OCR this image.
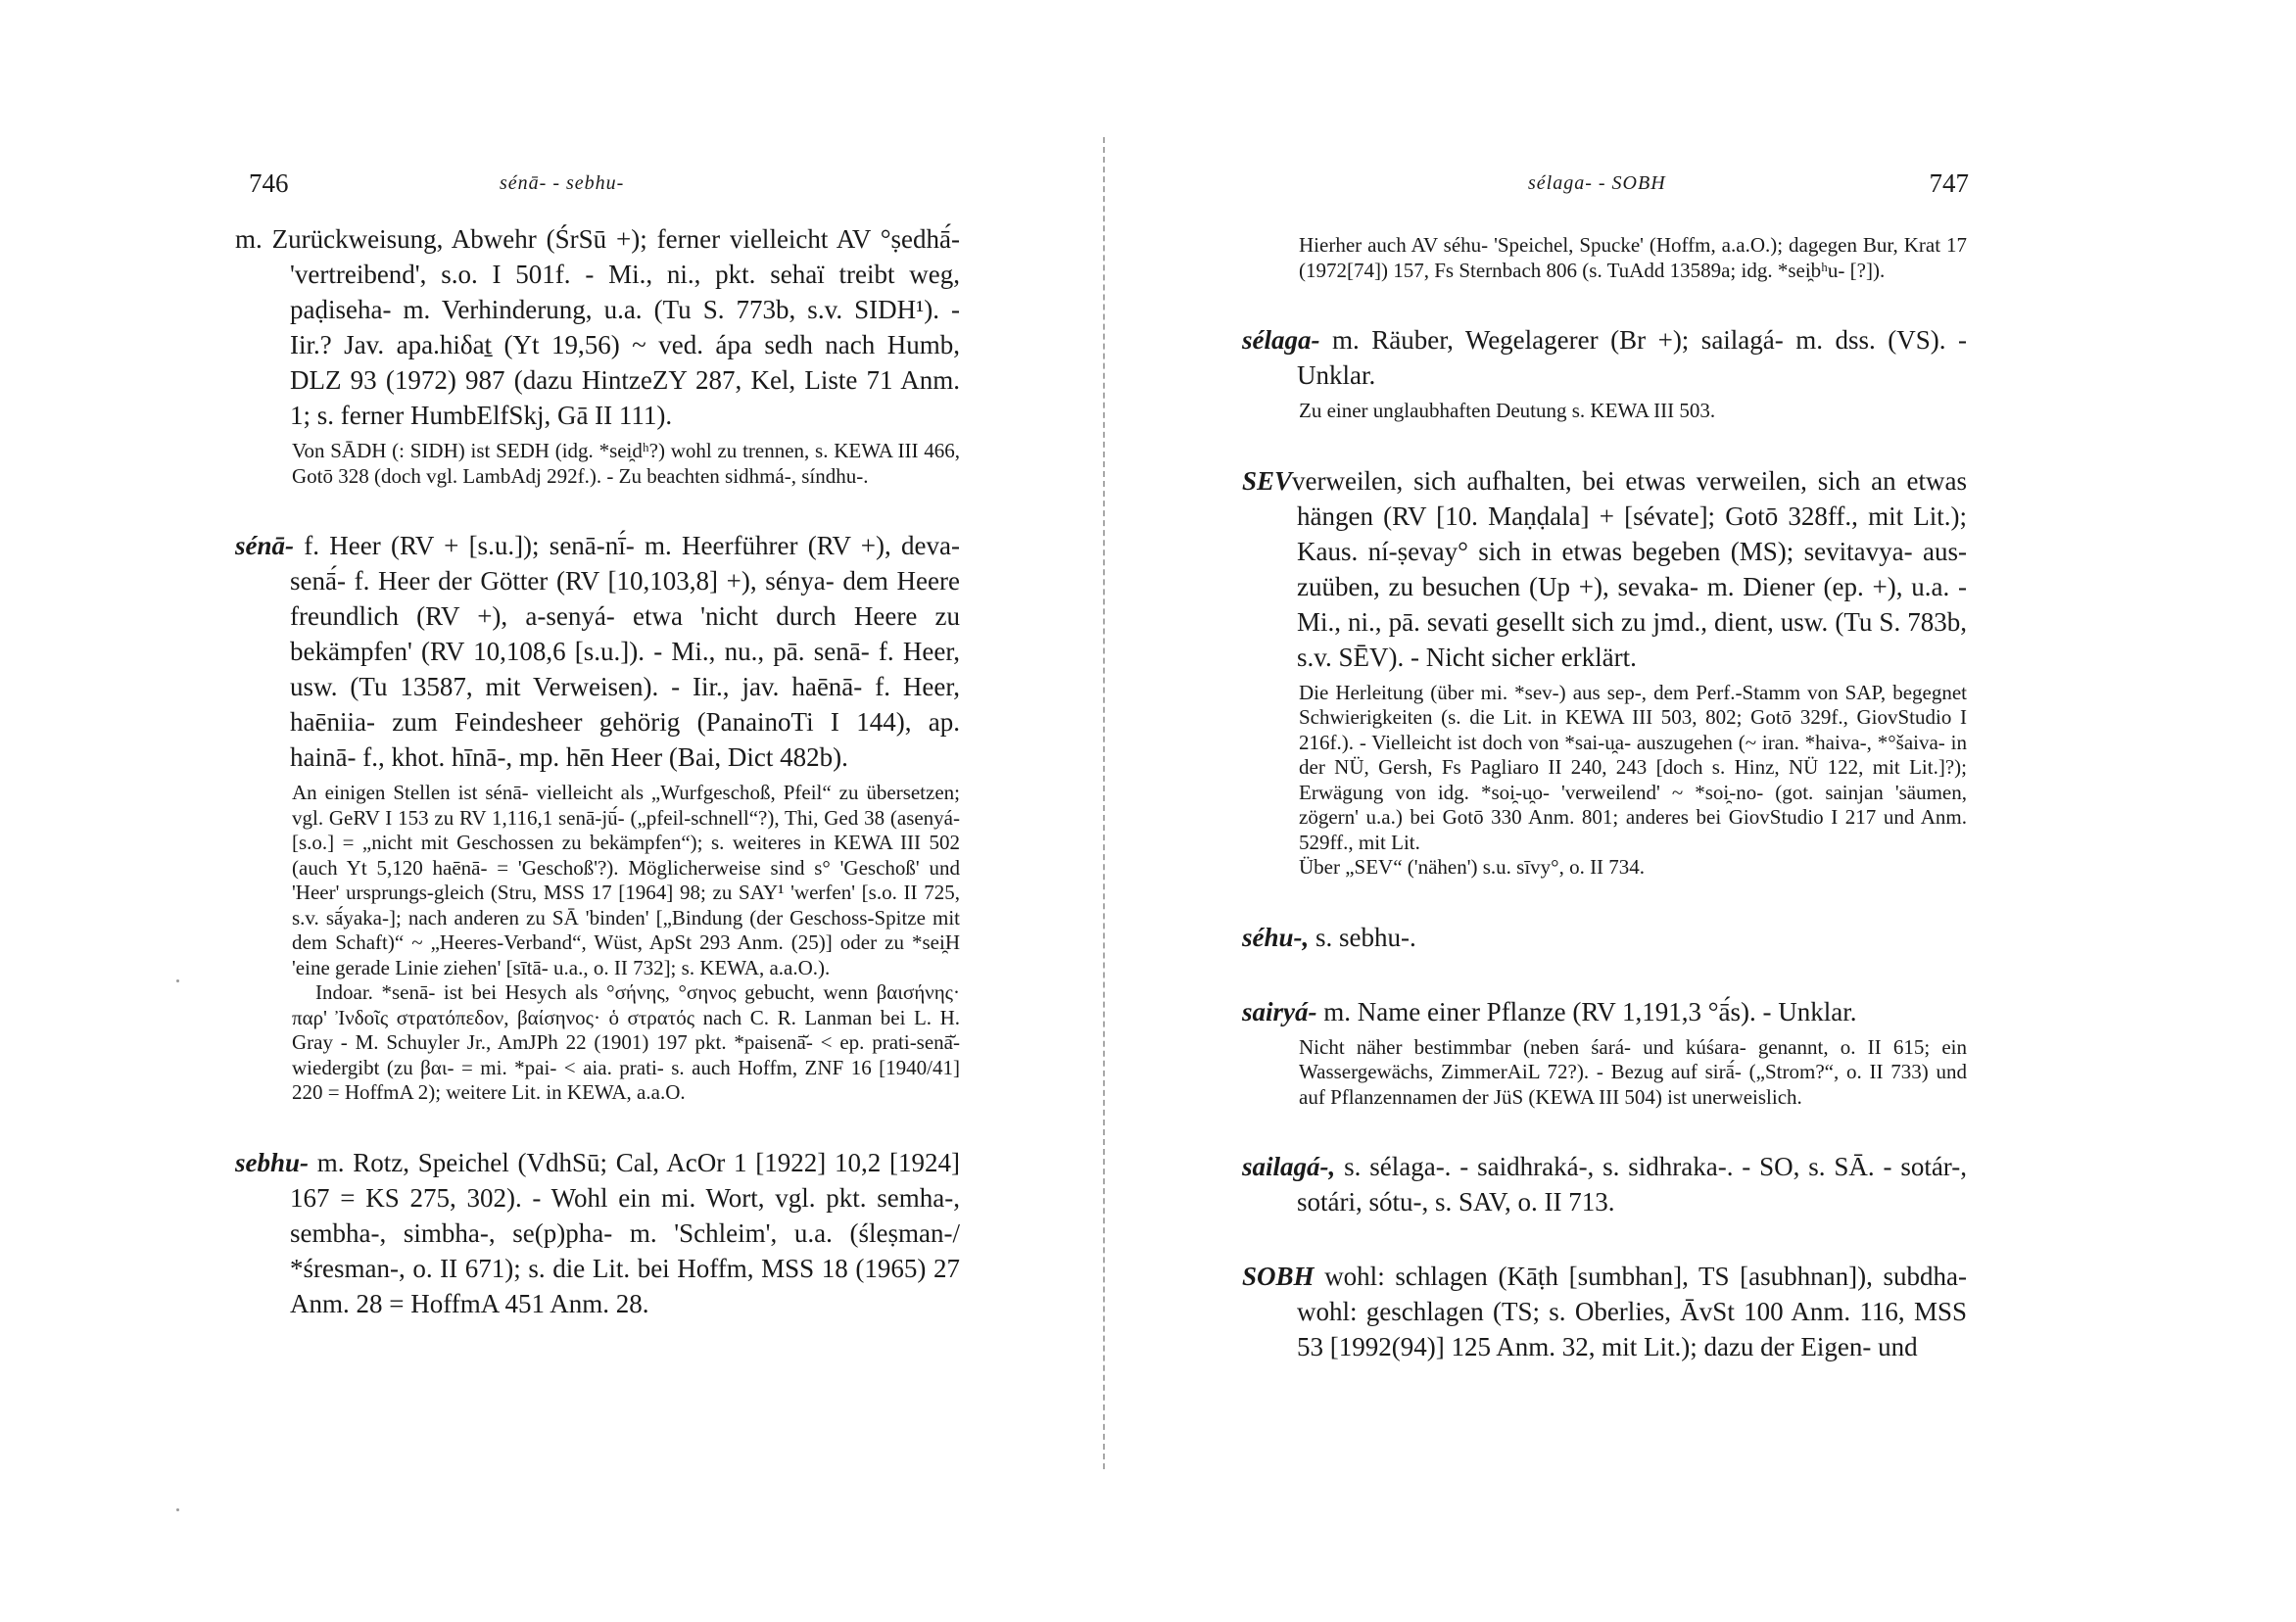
746	sénā- - sebhu-

m. Zurückweisung, Abwehr (ŚrSū +); ferner vielleicht AV °ṣedhā́- 'vertreibend', s.o. I 501f. - Mi., ni., pkt. sehaï treibt weg, paḍiseha- m. Verhinderung, u.a. (Tu S. 773b, s.v. SIDH¹). - Iir.? Jav. apa.hiδaṯ (Yt 19,56) ~ ved. ápa sedh nach Humb, DLZ 93 (1972) 987 (dazu HintzeZY 287, Kel, Liste 71 Anm. 1; s. ferner HumbElfSkj, Gā II 111).

Von SĀDH (: SIDH) ist SEDH (idg. *sei̯dʰ?) wohl zu trennen, s. KEWA III 466, Gotō 328 (doch vgl. LambAdj 292f.). - Zu beachten sidhmá-, síndhu-.

sénā- f. Heer (RV + [s.u.]); senā-nī́- m. Heerführer (RV +), deva-senā́- f. Heer der Götter (RV [10,103,8] +), sénya- dem Heere freundlich (RV +), a-senyá- etwa 'nicht durch Heere zu bekämpfen' (RV 10,108,6 [s.u.]). - Mi., nu., pā. senā- f. Heer, usw. (Tu 13587, mit Verweisen). - Iir., jav. haēnā- f. Heer, haēniia- zum Feindesheer gehörig (PanainoTi I 144), ap. hainā- f., khot. hīnā-, mp. hēn Heer (Bai, Dict 482b).

An einigen Stellen ist sénā- vielleicht als „Wurfgeschoß, Pfeil“ zu übersetzen; vgl. GeRV I 153 zu RV 1,116,1 senā-jū́- („pfeil-schnell“?), Thi, Ged 38 (asenyá- [s.o.] = „nicht mit Geschossen zu bekämpfen“); s. weiteres in KEWA III 502 (auch Yt 5,120 haēnā- = 'Geschoß'?). Möglicherweise sind s° 'Geschoß' und 'Heer' ursprungs-gleich (Stru, MSS 17 [1964] 98; zu SAY¹ 'werfen' [s.o. II 725, s.v. sā́yaka-]; nach anderen zu SĀ 'binden' [„Bindung (der Geschoss-Spitze mit dem Schaft)“ ~ „Heeres-Verband“, Wüst, ApSt 293 Anm. (25)] oder zu *sei̯H 'eine gerade Linie ziehen' [sītā- u.a., o. II 732]; s. KEWA, a.a.O.).

Indoar. *senā- ist bei Hesych als °σήνης, °σηνος gebucht, wenn βαισήνης· παρ' Ἰνδοῖς στρατόπεδον, βαίσηνος· ὁ στρατός nach C. R. Lanman bei L. H. Gray - M. Schuyler Jr., AmJPh 22 (1901) 197 pkt. *paisenā̆- < ep. prati-senā̆- wiedergibt (zu βαι- = mi. *pai- < aia. prati- s. auch Hoffm, ZNF 16 [1940/41] 220 = HoffmA 2); weitere Lit. in KEWA, a.a.O.

sebhu- m. Rotz, Speichel (VdhSū; Cal, AcOr 1 [1922] 10,2 [1924] 167 = KS 275, 302). - Wohl ein mi. Wort, vgl. pkt. semha-, sembha-, simbha-, se(p)pha- m. 'Schleim', u.a. (śleṣman-/ *śresman-, o. II 671); s. die Lit. bei Hoffm, MSS 18 (1965) 27 Anm. 28 = HoffmA 451 Anm. 28.

sélaga- - SOBH	747

Hierher auch AV séhu- 'Speichel, Spucke' (Hoffm, a.a.O.); dagegen Bur, Krat 17 (1972[74]) 157, Fs Sternbach 806 (s. TuAdd 13589a; idg. *sei̯bʰu- [?]).

sélaga- m. Räuber, Wegelagerer (Br +); sailagá- m. dss. (VS). - Unklar.

Zu einer unglaubhaften Deutung s. KEWA III 503.

SEVverweilen, sich aufhalten, bei etwas verweilen, sich an etwas hängen (RV [10. Maṇḍala] + [sévate]; Gotō 328ff., mit Lit.); Kaus. ní-ṣevay° sich in etwas begeben (MS); sevitavya- aus-zuüben, zu besuchen (Up +), sevaka- m. Diener (ep. +), u.a. - Mi., ni., pā. sevati gesellt sich zu jmd., dient, usw. (Tu S. 783b, s.v. SĒV). - Nicht sicher erklärt.

Die Herleitung (über mi. *sev-) aus sep-, dem Perf.-Stamm von SAP, begegnet Schwierigkeiten (s. die Lit. in KEWA III 503, 802; Gotō 329f., GiovStudio I 216f.). - Vielleicht ist doch von *sai-u̯a- auszugehen (~ iran. *haiva-, *°šaiva- in der NÜ, Gersh, Fs Pagliaro II 240, 243 [doch s. Hinz, NÜ 122, mit Lit.]?); Erwägung von idg. *soi̯-u̯o- 'verweilend' ~ *soi̯-no- (got. sainjan 'säumen, zögern' u.a.) bei Gotō 330 Anm. 801; anderes bei GiovStudio I 217 und Anm. 529ff., mit Lit.

Über „SEV“ ('nähen') s.u. sīvy°, o. II 734.

séhu-, s. sebhu-.

sairyá- m. Name einer Pflanze (RV 1,191,3 °ā́s). - Unklar.

Nicht näher bestimmbar (neben śará- und kúśara- genannt, o. II 615; ein Wassergewächs, ZimmerAiL 72?). - Bezug auf sirā́- („Strom?“, o. II 733) und auf Pflanzennamen der JüS (KEWA III 504) ist unerweislich.

sailagá-, s. sélaga-. - saidhraká-, s. sidhraka-. - SO, s. SĀ. - sotár-, sotári, sótu-, s. SAV, o. II 713.

SOBH wohl: schlagen (Kāṭh [sumbhan], TS [asubhnan]), subdha- wohl: geschlagen (TS; s. Oberlies, ĀvSt 100 Anm. 116, MSS 53 [1992(94)] 125 Anm. 32, mit Lit.); dazu der Eigen- und
